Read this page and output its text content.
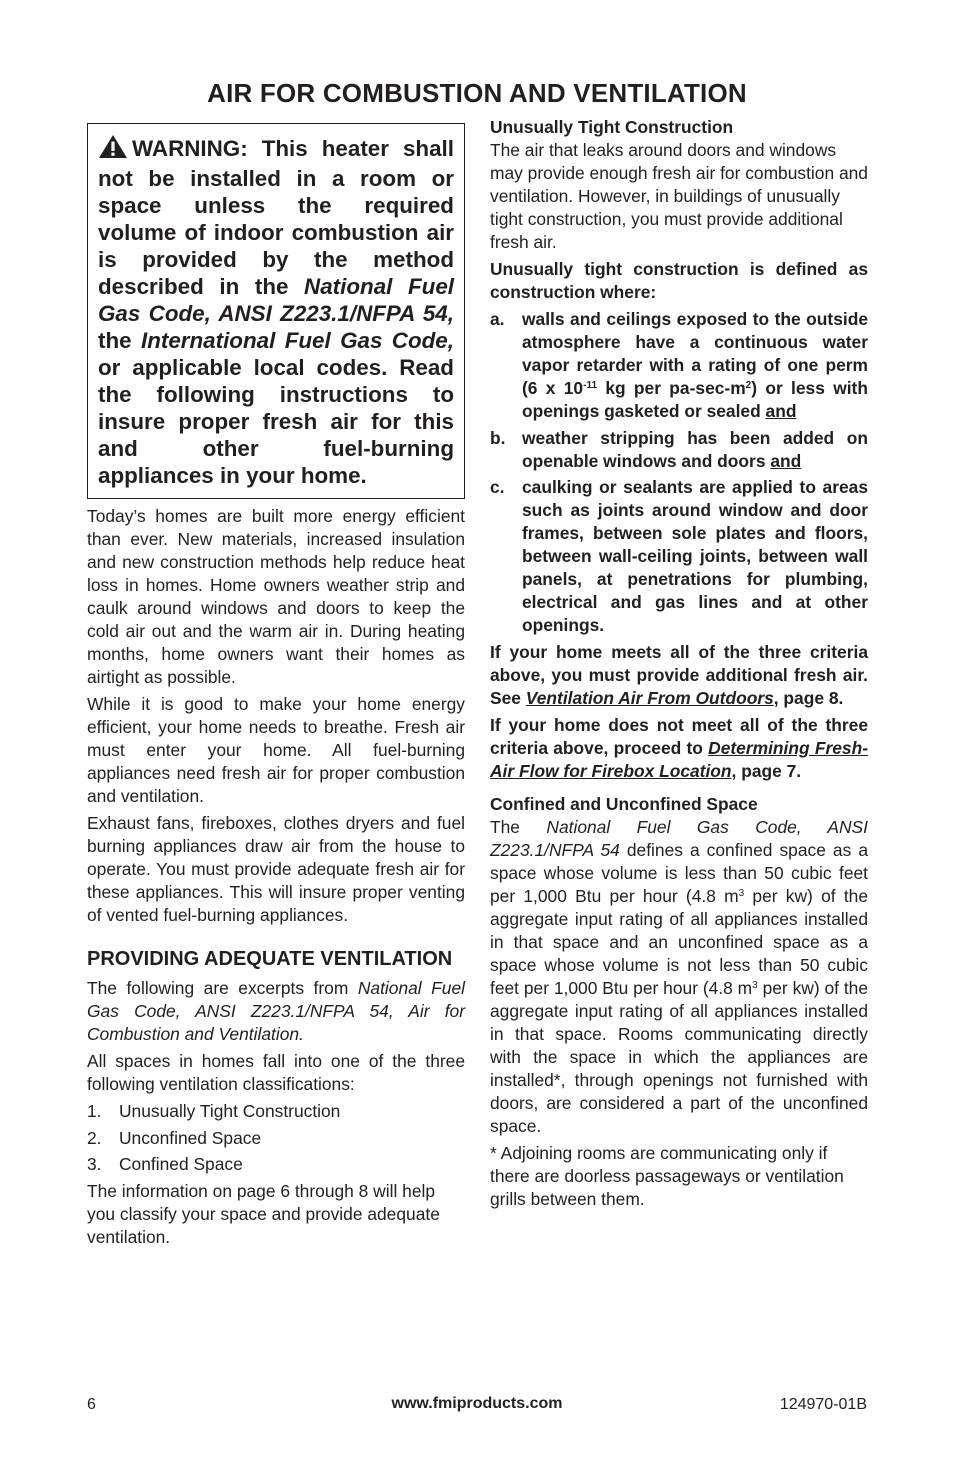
AIR FOR COMBUSTION AND VENTILATION
WARNING: This heater shall not be installed in a room or space unless the required volume of indoor combustion air is provided by the method described in the National Fuel Gas Code, ANSI Z223.1/NFPA 54, the International Fuel Gas Code, or applicable local codes. Read the following instructions to insure proper fresh air for this and other fuel-burning appliances in your home.

Today’s homes are built more energy efficient than ever. New materials, increased insulation and new construction methods help reduce heat loss in homes. Home owners weather strip and caulk around windows and doors to keep the cold air out and the warm air in. During heating months, home owners want their homes as airtight as possible.

While it is good to make your home energy efficient, your home needs to breathe. Fresh air must enter your home. All fuel-burning appliances need fresh air for proper combustion and ventilation.

Exhaust fans, fireboxes, clothes dryers and fuel burning appliances draw air from the house to operate. You must provide adequate fresh air for these appliances. This will insure proper venting of vented fuel-burning appliances.

PROVIDING ADEQUATE VENTILATION

The following are excerpts from National Fuel Gas Code, ANSI Z223.1/NFPA 54, Air for Combustion and Ventilation.

All spaces in homes fall into one of the three following ventilation classifications:

1.	Unusually Tight Construction
2.	Unconfined Space
3.	Confined Space

The information on page 6 through 8 will help you classify your space and provide adequate ventilation.

Unusually Tight Construction

The air that leaks around doors and windows may provide enough fresh air for combustion and ventilation. However, in buildings of unusually tight construction, you must provide additional fresh air.

Unusually tight construction is defined as construction where:

a.	walls and ceilings exposed to the outside atmosphere have a continuous water vapor retarder with a rating of one perm (6 x $10^{-11}$ kg per $pa-\sec-m^2$) or less with openings gasketed or sealed and
b. weather stripping has been added on openable windows and doors and
c.	caulking or sealants are applied to areas such as joints around window and door frames, between sole plates and floors, between wall-ceiling joints, between wall panels, at penetrations for plumbing, electrical and gas lines and at other openings.

If your home meets all of the three criteria above, you must provide additional fresh air. See Ventilation Air From Outdoors, page 8.

If your home does not meet all of the three criteria above, proceed to Determining Fresh-Air Flow for Firebox Location, page 7.

Confined and Unconfined Space

The National Fuel Gas Code, ANSI Z223.1/NFPA 54 defines a confined space as a space whose volume is less than 50 cubic feet per 1,000 Btu per hour (4.8 $m^3$ per kw) of the aggregate input rating of all appliances installed in that space and an unconfined space as a space whose volume is not less than 50 cubic feet per 1,000 Btu per hour (4.8 $m^3$ per kw) of the aggregate input rating of all appliances installed in that space. Rooms communicating directly with the space in which the appliances are installed*, through openings not furnished with doors, are considered a part of the unconfined space.

* Adjoining rooms are communicating only if there are doorless passageways or ventilation grills between them.

6	www.fmiproducts.com	124970-01B
